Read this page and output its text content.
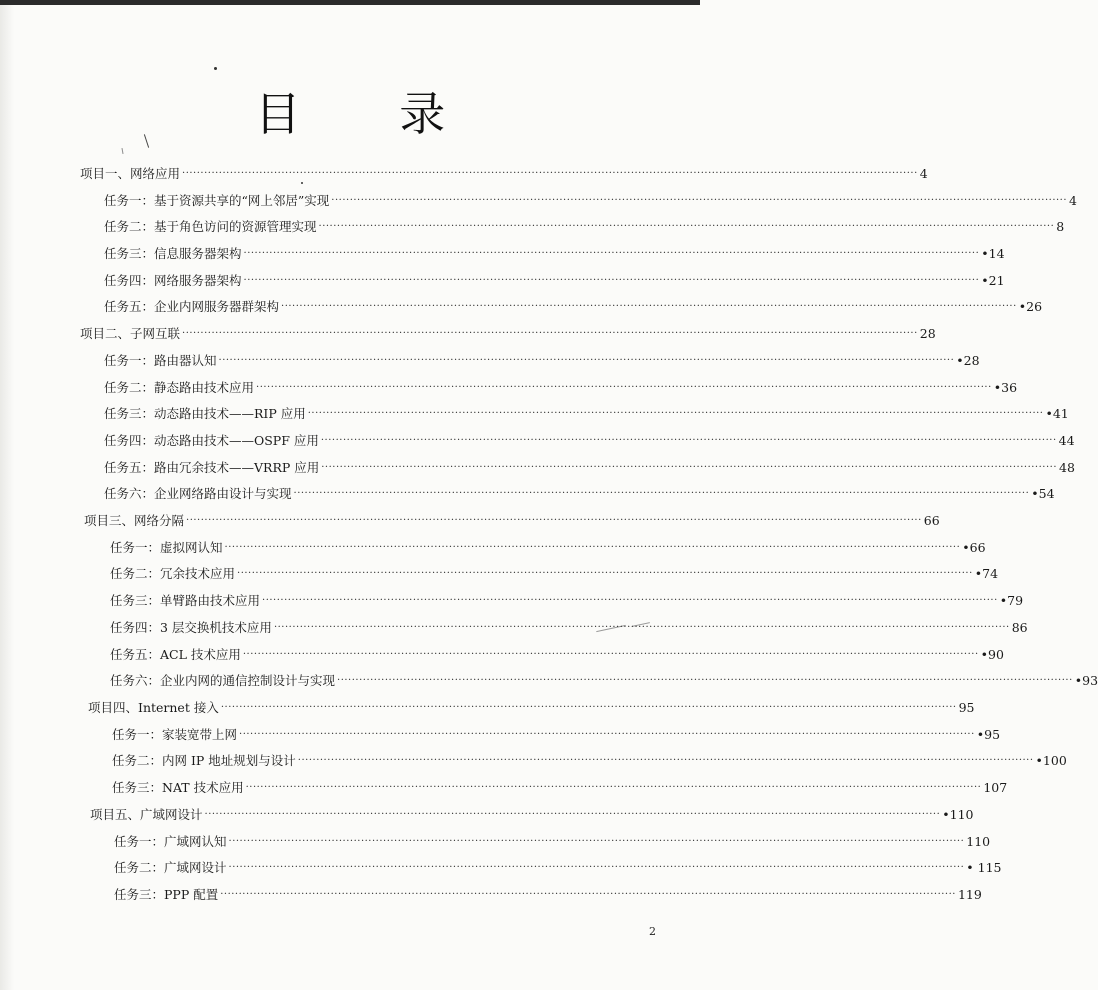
目 录
项目一、网络应用 ········································································································································································································ 4
任务一：基于资源共享的“网上邻居”实现 ········································································································································································································ 4
任务二：基于角色访问的资源管理实现 ········································································································································································································ 8
任务三：信息服务器架构 ········································································································································································································ •14
任务四：网络服务器架构 ········································································································································································································ •21
任务五：企业内网服务器群架构 ········································································································································································································ •26
项目二、子网互联 ········································································································································································································ 28
任务一：路由器认知 ········································································································································································································ •28
任务二：静态路由技术应用 ········································································································································································································ •36
任务三：动态路由技术——RIP 应用 ········································································································································································································ •41
任务四：动态路由技术——OSPF 应用 ········································································································································································································ 44
任务五：路由冗余技术——VRRP 应用 ········································································································································································································ 48
任务六：企业网络路由设计与实现 ········································································································································································································ •54
项目三、网络分隔 ········································································································································································································ 66
任务一：虚拟网认知 ········································································································································································································ •66
任务二：冗余技术应用 ········································································································································································································ •74
任务三：单臂路由技术应用 ········································································································································································································ •79
任务四：3 层交换机技术应用 ········································································································································································································ 86
任务五：ACL 技术应用 ········································································································································································································ •90
任务六：企业内网的通信控制设计与实现 ········································································································································································································ •93
项目四、Internet 接入 ········································································································································································································ 95
任务一：家装宽带上网 ········································································································································································································ •95
任务二：内网 IP 地址规划与设计 ········································································································································································································ •100
任务三：NAT 技术应用 ········································································································································································································ 107
项目五、广域网设计 ········································································································································································································ •110
任务一：广域网认知 ········································································································································································································ 110
任务二：广域网设计 ········································································································································································································ • 115
任务三：PPP 配置 ········································································································································································································ 119
2
